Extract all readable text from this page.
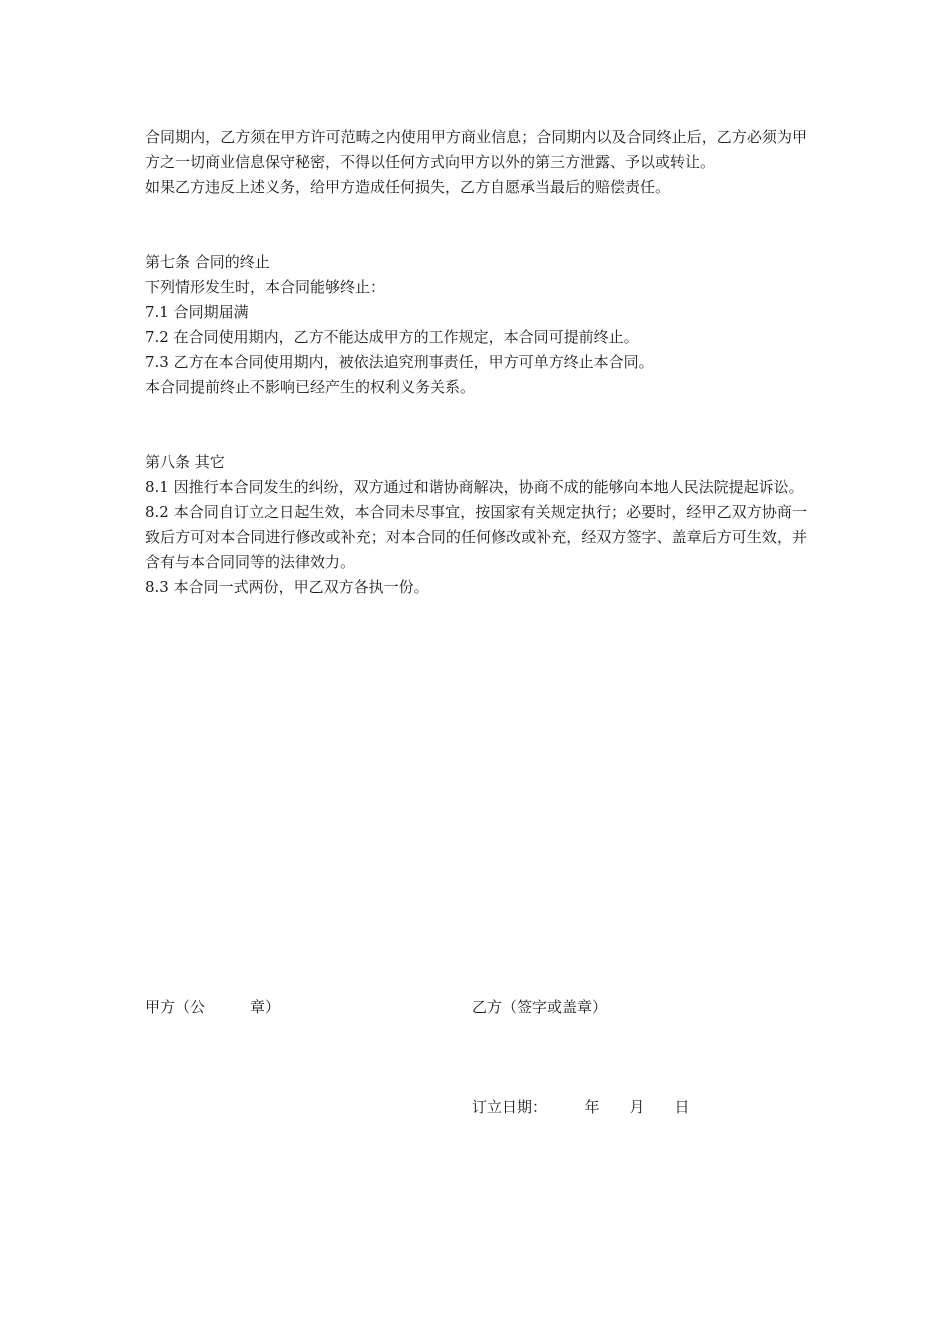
合同期内，乙方须在甲方许可范畴之内使用甲方商业信息；合同期内以及合同终止后，乙方必须为甲方之一切商业信息保守秘密，不得以任何方式向甲方以外的第三方泄露、予以或转让。

如果乙方违反上述义务，给甲方造成任何损失，乙方自愿承当最后的赔偿责任。

第七条 合同的终止

下列情形发生时，本合同能够终止：

7.1 合同期届满

7.2 在合同使用期内，乙方不能达成甲方的工作规定，本合同可提前终止。

7.3 乙方在本合同使用期内，被依法追究刑事责任，甲方可单方终止本合同。

本合同提前终止不影响已经产生的权利义务关系。

第八条 其它

8.1 因推行本合同发生的纠纷，双方通过和谐协商解决，协商不成的能够向本地人民法院提起诉讼。

8.2 本合同自订立之日起生效，本合同未尽事宜，按国家有关规定执行；必要时，经甲乙双方协商一致后方可对本合同进行修改或补充；对本合同的任何修改或补充，经双方签字、盖章后方可生效，并含有与本合同同等的法律效力。

8.3 本合同一式两份，甲乙双方各执一份。

甲方（公　　　章）	乙方（签字或盖章）
订立日期：　　　年　　月　　日
